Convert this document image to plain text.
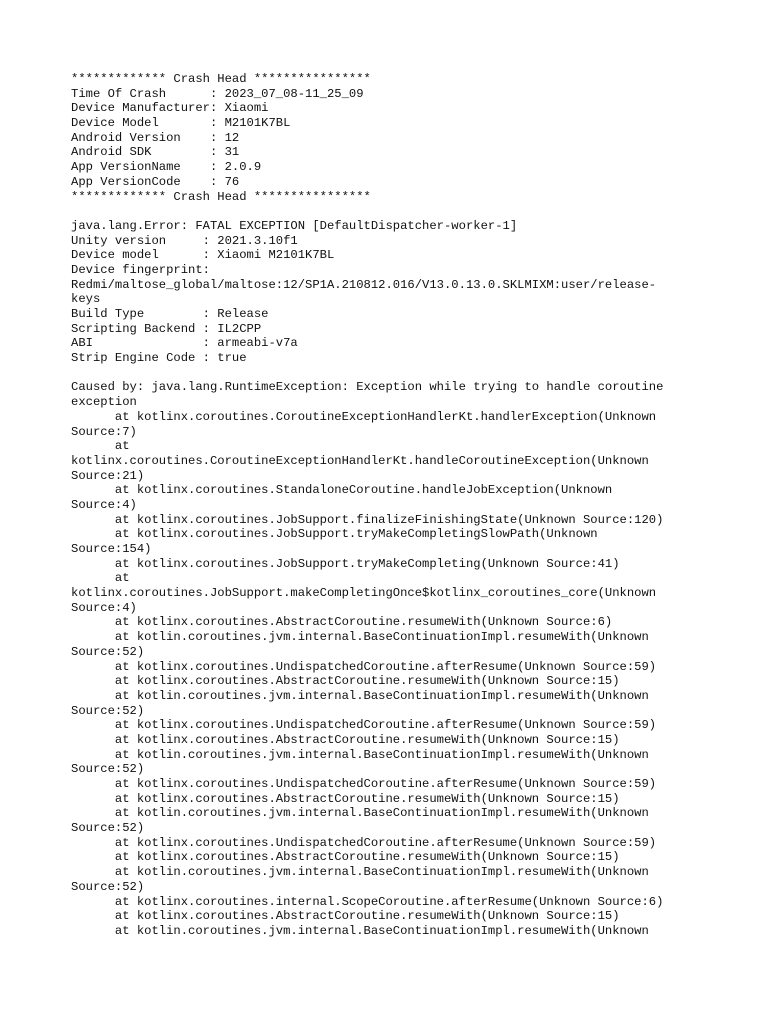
************* Crash Head ****************
Time Of Crash      : 2023_07_08-11_25_09
Device Manufacturer: Xiaomi
Device Model       : M2101K7BL
Android Version    : 12
Android SDK        : 31
App VersionName    : 2.0.9
App VersionCode    : 76
************* Crash Head ****************
java.lang.Error: FATAL EXCEPTION [DefaultDispatcher-worker-1]
Unity version     : 2021.3.10f1
Device model      : Xiaomi M2101K7BL
Device fingerprint:
Redmi/maltose_global/maltose:12/SP1A.210812.016/V13.0.13.0.SKLMIXM:user/release-
keys
Build Type        : Release
Scripting Backend : IL2CPP
ABI               : armeabi-v7a
Strip Engine Code : true
Caused by: java.lang.RuntimeException: Exception while trying to handle coroutine
exception
at kotlinx.coroutines.CoroutineExceptionHandlerKt.handlerException(Unknown
Source:7)
at
kotlinx.coroutines.CoroutineExceptionHandlerKt.handleCoroutineException(Unknown
Source:21)
at kotlinx.coroutines.StandaloneCoroutine.handleJobException(Unknown
Source:4)
at kotlinx.coroutines.JobSupport.finalizeFinishingState(Unknown Source:120)
at kotlinx.coroutines.JobSupport.tryMakeCompletingSlowPath(Unknown
Source:154)
at kotlinx.coroutines.JobSupport.tryMakeCompleting(Unknown Source:41)
at
kotlinx.coroutines.JobSupport.makeCompletingOnce$kotlinx_coroutines_core(Unknown
Source:4)
at kotlinx.coroutines.AbstractCoroutine.resumeWith(Unknown Source:6)
at kotlin.coroutines.jvm.internal.BaseContinuationImpl.resumeWith(Unknown
Source:52)
at kotlinx.coroutines.UndispatchedCoroutine.afterResume(Unknown Source:59)
at kotlinx.coroutines.AbstractCoroutine.resumeWith(Unknown Source:15)
at kotlin.coroutines.jvm.internal.BaseContinuationImpl.resumeWith(Unknown
Source:52)
at kotlinx.coroutines.UndispatchedCoroutine.afterResume(Unknown Source:59)
at kotlinx.coroutines.AbstractCoroutine.resumeWith(Unknown Source:15)
at kotlin.coroutines.jvm.internal.BaseContinuationImpl.resumeWith(Unknown
Source:52)
at kotlinx.coroutines.UndispatchedCoroutine.afterResume(Unknown Source:59)
at kotlinx.coroutines.AbstractCoroutine.resumeWith(Unknown Source:15)
at kotlin.coroutines.jvm.internal.BaseContinuationImpl.resumeWith(Unknown
Source:52)
at kotlinx.coroutines.UndispatchedCoroutine.afterResume(Unknown Source:59)
at kotlinx.coroutines.AbstractCoroutine.resumeWith(Unknown Source:15)
at kotlin.coroutines.jvm.internal.BaseContinuationImpl.resumeWith(Unknown
Source:52)
at kotlinx.coroutines.internal.ScopeCoroutine.afterResume(Unknown Source:6)
at kotlinx.coroutines.AbstractCoroutine.resumeWith(Unknown Source:15)
at kotlin.coroutines.jvm.internal.BaseContinuationImpl.resumeWith(Unknown
